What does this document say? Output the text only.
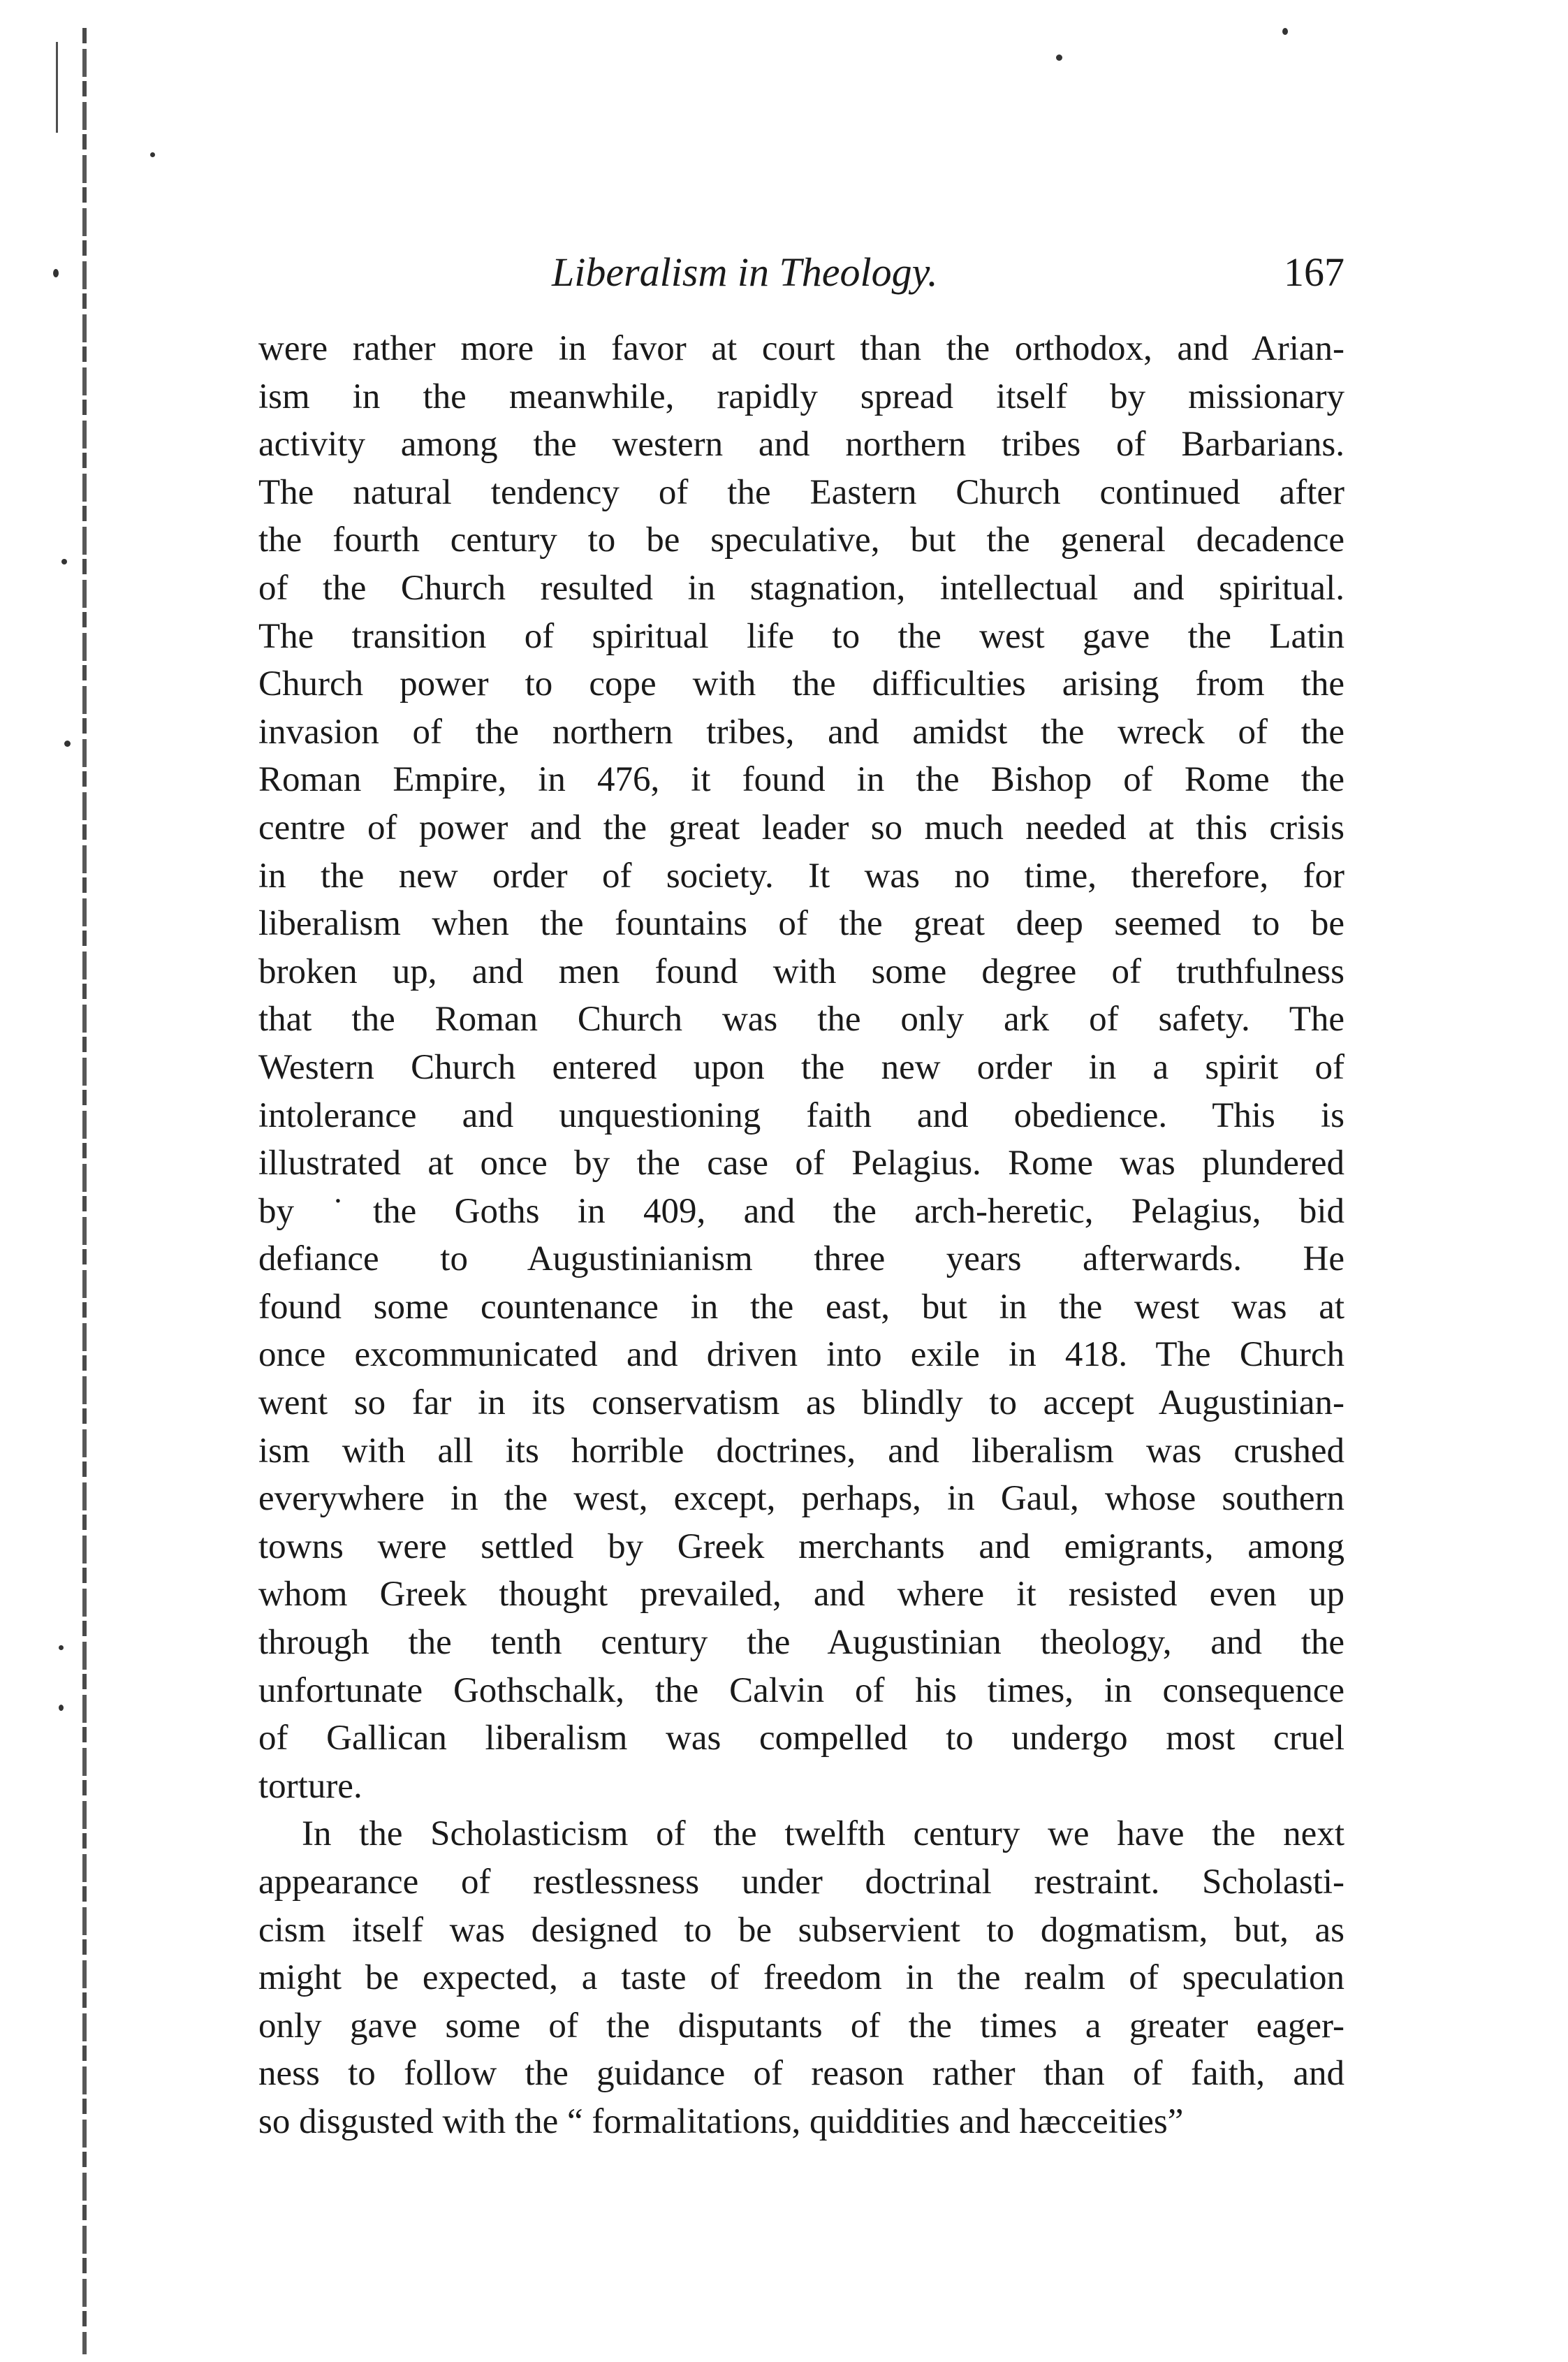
Liberalism in Theology.	167
were rather more in favor at court than the orthodox, and Arian-
ism in the meanwhile, rapidly spread itself by missionary
activity among the western and northern tribes of Barbarians.
The natural tendency of the Eastern Church continued after
the fourth century to be speculative, but the general decadence
of the Church resulted in stagnation, intellectual and spiritual.
The transition of spiritual life to the west gave the Latin
Church power to cope with the difficulties arising from the
invasion of the northern tribes, and amidst the wreck of the
Roman Empire, in 476, it found in the Bishop of Rome the
centre of power and the great leader so much needed at this crisis
in the new order of society. It was no time, therefore, for
liberalism when the fountains of the great deep seemed to be
broken up, and men found with some degree of truthfulness
that the Roman Church was the only ark of safety. The
Western Church entered upon the new order in a spirit of
intolerance and unquestioning faith and obedience. This is
illustrated at once by the case of Pelagius. Rome was plundered
by ˙the Goths in 409, and the arch-heretic, Pelagius, bid
defiance to Augustinianism three years afterwards. He
found some countenance in the east, but in the west was at
once excommunicated and driven into exile in 418. The Church
went so far in its conservatism as blindly to accept Augustinian-
ism with all its horrible doctrines, and liberalism was crushed
everywhere in the west, except, perhaps, in Gaul, whose southern
towns were settled by Greek merchants and emigrants, among
whom Greek thought prevailed, and where it resisted even up
through the tenth century the Augustinian theology, and the
unfortunate Gothschalk, the Calvin of his times, in consequence
of Gallican liberalism was compelled to undergo most cruel
torture.
In the Scholasticism of the twelfth century we have the next
appearance of restlessness under doctrinal restraint. Scholasti-
cism itself was designed to be subservient to dogmatism, but, as
might be expected, a taste of freedom in the realm of speculation
only gave some of the disputants of the times a greater eager-
ness to follow the guidance of reason rather than of faith, and
so disgusted with the “ formalitations, quiddities and hæcceities”
